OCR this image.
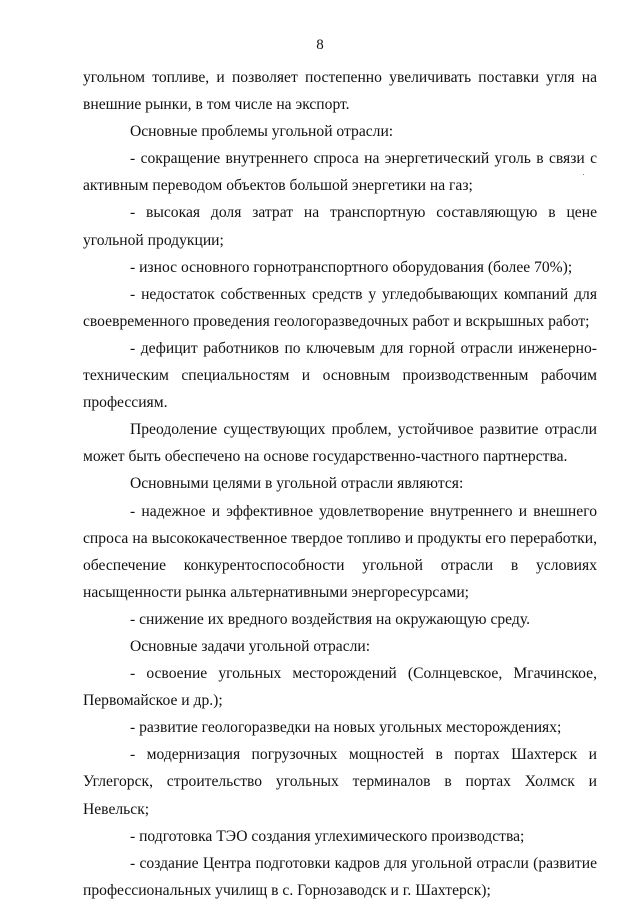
8

угольном топливе, и позволяет постепенно увеличивать поставки угля на внешние рынки, в том числе на экспорт.

Основные проблемы угольной отрасли:

- сокращение внутреннего спроса на энергетический уголь в связи с активным переводом объектов большой энергетики на газ;

- высокая доля затрат на транспортную составляющую в цене угольной продукции;

- износ основного горнотранспортного оборудования (более 70%);

- недостаток собственных средств у угледобывающих компаний для своевременного проведения геологоразведочных работ и вскрышных работ;

- дефицит работников по ключевым для горной отрасли инженерно-техническим специальностям и основным производственным рабочим профессиям.

Преодоление существующих проблем, устойчивое развитие отрасли может быть обеспечено на основе государственно-частного партнерства.

Основными целями в угольной отрасли являются:

- надежное и эффективное удовлетворение внутреннего и внешнего спроса на высококачественное твердое топливо и продукты его переработки, обеспечение конкурентоспособности угольной отрасли в условиях насыщенности рынка альтернативными энергоресурсами;

- снижение их вредного воздействия на окружающую среду.

Основные задачи угольной отрасли:

- освоение угольных месторождений (Солнцевское, Мгачинское, Первомайское и др.);

- развитие геологоразведки на новых угольных месторождениях;

- модернизация погрузочных мощностей в портах Шахтерск и Углегорск, строительство угольных терминалов в портах Холмск и Невельск;

- подготовка ТЭО создания углехимического производства;

- создание Центра подготовки кадров для угольной отрасли (развитие профессиональных училищ в с. Горнозаводск и г. Шахтерск);
